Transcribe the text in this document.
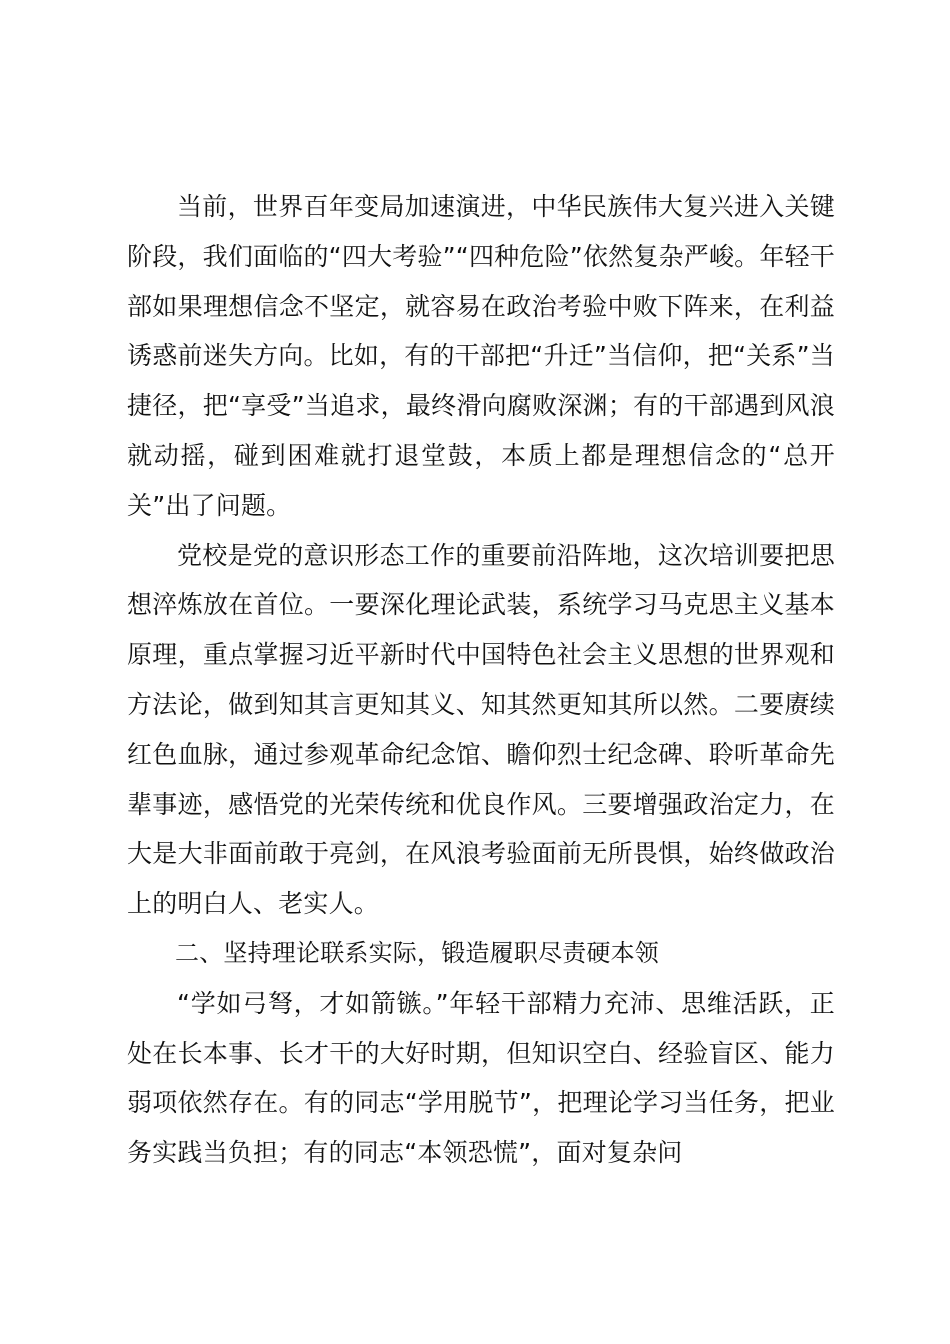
当前，世界百年变局加速演进，中华民族伟大复兴进入关键阶段，我们面临的“四大考验”“四种危险”依然复杂严峻。年轻干部如果理想信念不坚定，就容易在政治考验中败下阵来，在利益诱惑前迷失方向。比如，有的干部把“升迁”当信仰，把“关系”当捷径，把“享受”当追求，最终滑向腐败深渊；有的干部遇到风浪就动摇，碰到困难就打退堂鼓，本质上都是理想信念的“总开关”出了问题。

党校是党的意识形态工作的重要前沿阵地，这次培训要把思想淬炼放在首位。一要深化理论武装，系统学习马克思主义基本原理，重点掌握习近平新时代中国特色社会主义思想的世界观和方法论，做到知其言更知其义、知其然更知其所以然。二要赓续红色血脉，通过参观革命纪念馆、瞻仰烈士纪念碑、聆听革命先辈事迹，感悟党的光荣传统和优良作风。三要增强政治定力，在大是大非面前敢于亮剑，在风浪考验面前无所畏惧，始终做政治上的明白人、老实人。

二、坚持理论联系实际，锻造履职尽责硬本领

“学如弓弩，才如箭镞。”年轻干部精力充沛、思维活跃，正处在长本事、长才干的大好时期，但知识空白、经验盲区、能力弱项依然存在。有的同志“学用脱节”，把理论学习当任务，把业务实践当负担；有的同志“本领恐慌”，面对复杂问
